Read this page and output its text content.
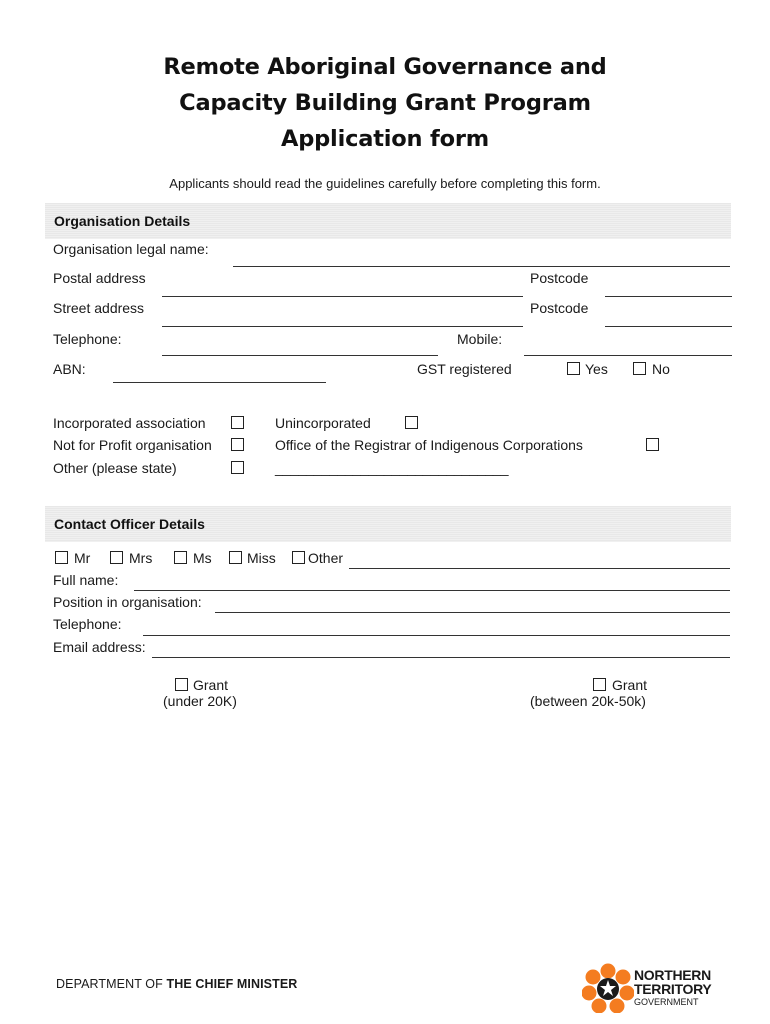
Remote Aboriginal Governance and
Capacity Building Grant Program
Application form
Applicants should read the guidelines carefully before completing this form.
Organisation Details
Organisation legal name:
Postal address	Postcode
Street address	Postcode
Telephone:	Mobile:
ABN:	GST registered	Yes	No
Incorporated association	Unincorporated
Not for Profit organisation	Office of the Registrar of Indigenous Corporations
Other (please state)	______________________________
Contact Officer Details
Mr	Mrs	Ms	Miss Other
Full name:
Position in organisation:
Telephone:
Email address:
Grant
(under 20K)
Grant
(between 20k-50k)
DEPARTMENT OF THE CHIEF MINISTER
NORTHERN
TERRITORY
GOVERNMENT
